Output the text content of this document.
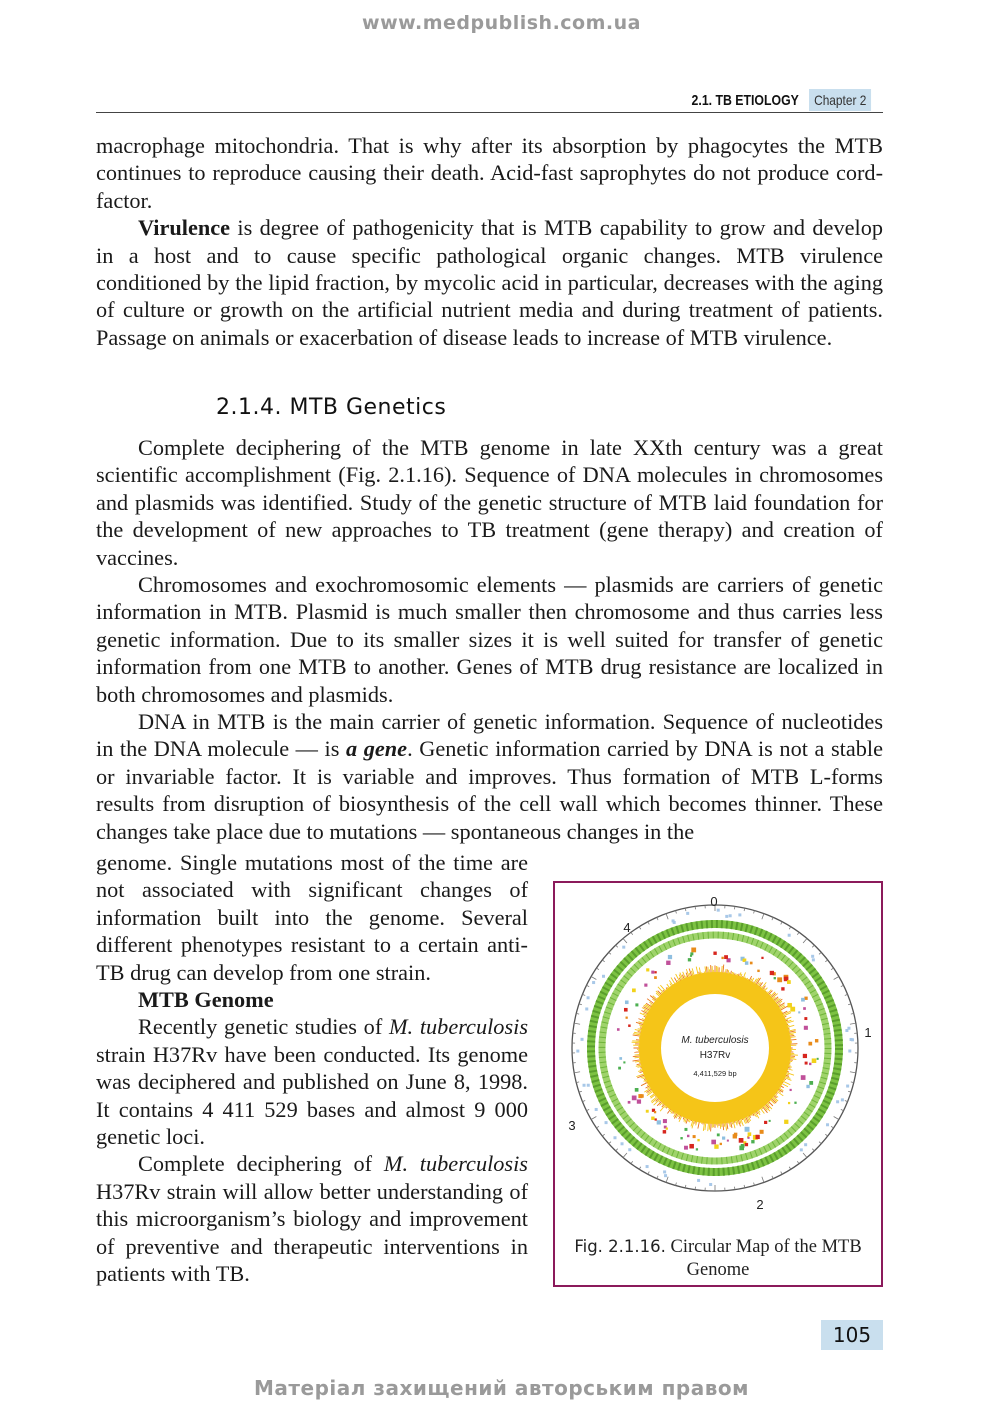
www.medpublish.com.ua
2.1. TB ETIOLOGY	Chapter 2

macrophage mitochondria. That is why after its absorption by phagocytes the MTB continues to reproduce causing their death. Acid-fast saprophytes do not produce cord-factor.

Virulence is degree of pathogenicity that is MTB capability to grow and develop in a host and to cause specific pathological organic changes. MTB virulence conditioned by the lipid fraction, by mycolic acid in particular, decreases with the aging of culture or growth on the artificial nutrient media and during treatment of patients. Passage on animals or exacerbation of disease leads to increase of MTB virulence.

2.1.4. MTB Genetics

Complete deciphering of the MTB genome in late XXth century was a great scientific accomplishment (Fig. 2.1.16). Sequence of DNA molecules in chromosomes and plasmids was identified. Study of the genetic structure of MTB laid foundation for the development of new approaches to TB treatment (gene therapy) and creation of vaccines.

Chromosomes and exochromosomic elements — plasmids are carriers of genetic information in MTB. Plasmid is much smaller then chromosome and thus carries less genetic information. Due to its smaller sizes it is well suited for transfer of genetic information from one MTB to another. Genes of MTB drug resistance are localized in both chromosomes and plasmids.

DNA in MTB is the main carrier of genetic information. Sequence of nucleotides in the DNA molecule — is a gene. Genetic information carried by DNA is not a stable or invariable factor. It is variable and improves. Thus formation of MTB L-forms results from disruption of biosynthesis of the cell wall which becomes thinner. These changes take place due to mutations — spontaneous changes in the

genome. Single mutations most of the time are not associated with significant changes of information built into the genome. Several different phenotypes resistant to a certain anti-TB drug can develop from one strain.

MTB Genome

Recently genetic studies of M. tuberculosis strain H37Rv have been conducted. Its genome was deciphered and published on June 8, 1998. It contains 4 411 529 bases and almost 9 000 genetic loci.

Complete deciphering of M. tuberculosis H37Rv strain will allow better understanding of this microorganism’s biology and improvement of preventive and therapeutic interventions in patients with TB.

M. tuberculosis
H37Rv
4,411,529 bp
0
1
2
3
4
Fig. 2.1.16. Circular Map of the MTB Genome
105
Матеріал захищений авторським правом
